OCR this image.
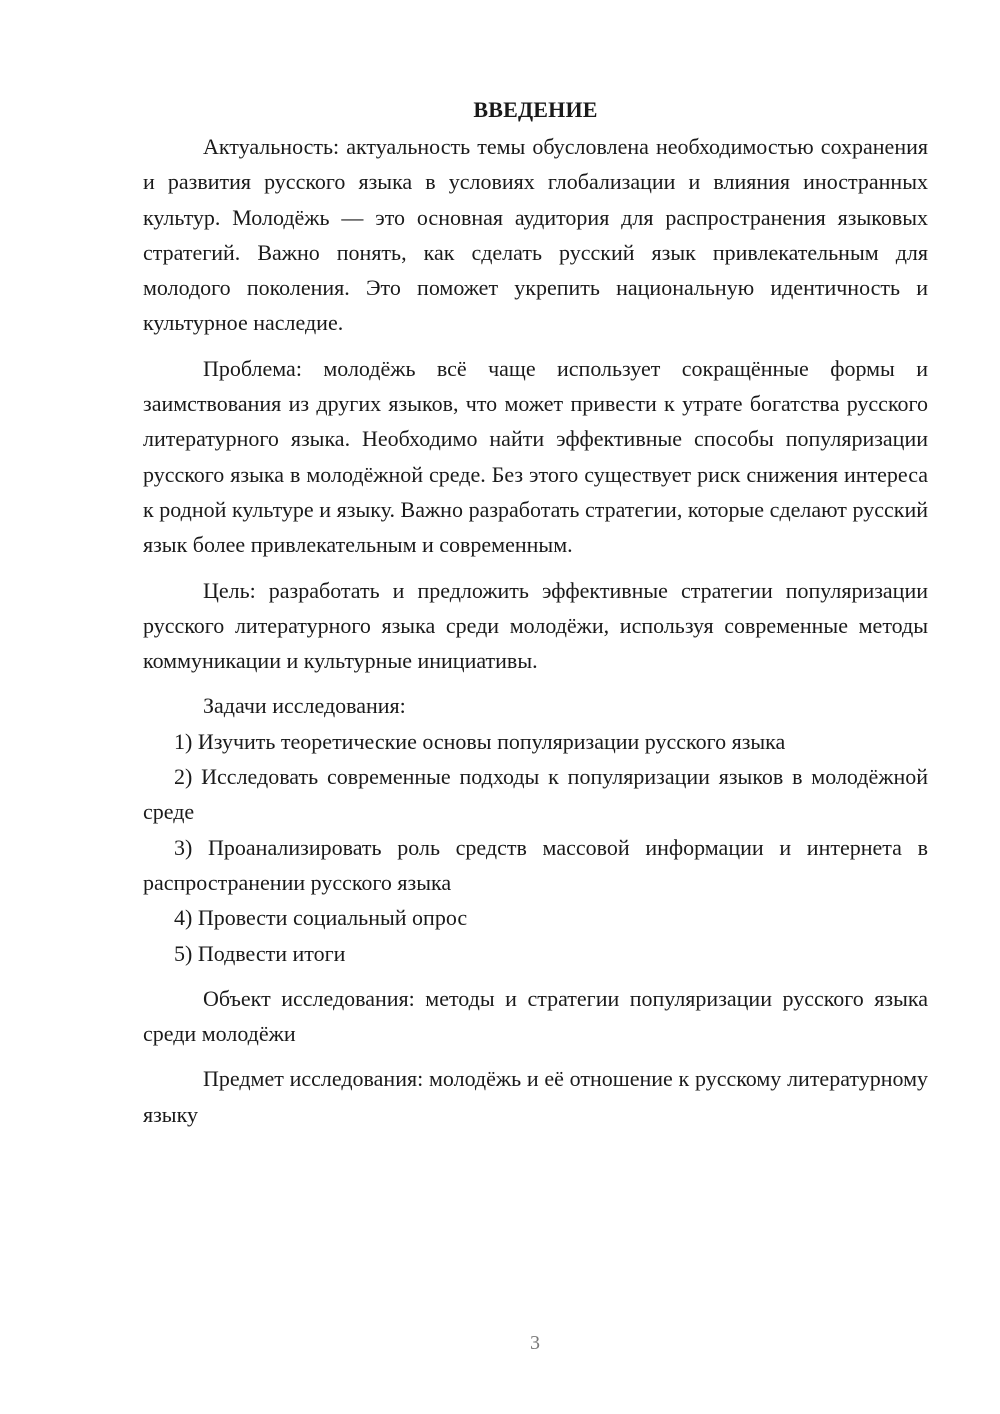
ВВЕДЕНИЕ

Актуальность: актуальность темы обусловлена необходимостью сохранения и развития русского языка в условиях глобализации и влияния иностранных культур. Молодёжь — это основная аудитория для распространения языковых стратегий. Важно понять, как сделать русский язык привлекательным для молодого поколения. Это поможет укрепить национальную идентичность и культурное наследие.

Проблема: молодёжь всё чаще использует сокращённые формы и заимствования из других языков, что может привести к утрате богатства русского литературного языка. Необходимо найти эффективные способы популяризации русского языка в молодёжной среде. Без этого существует риск снижения интереса к родной культуре и языку. Важно разработать стратегии, которые сделают русский язык более привлекательным и современным.

Цель: разработать и предложить эффективные стратегии популяризации русского литературного языка среди молодёжи, используя современные методы коммуникации и культурные инициативы.

Задачи исследования:

1) Изучить теоретические основы популяризации русского языка

2) Исследовать современные подходы к популяризации языков в молодёжной среде

3) Проанализировать роль средств массовой информации и интернета в распространении русского языка

4) Провести социальный опрос

5) Подвести итоги

Объект исследования: методы и стратегии популяризации русского языка среди молодёжи

Предмет исследования: молодёжь и её отношение к русскому литературному языку

3
